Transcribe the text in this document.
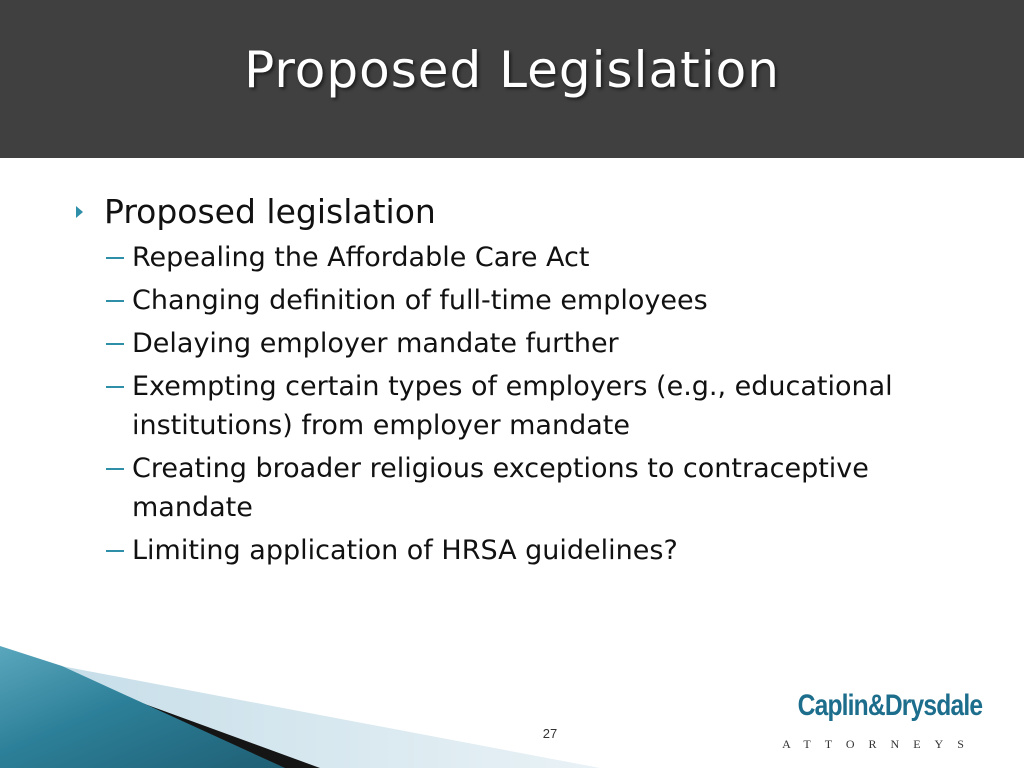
Proposed Legislation
Proposed legislation
Repealing the Affordable Care Act
Changing definition of full-time employees
Delaying employer mandate further
Exempting certain types of employers (e.g., educational institutions) from employer mandate
Creating broader religious exceptions to contraceptive mandate
Limiting application of HRSA guidelines?
27
Caplin&Drysdale
ATTORNEYS
